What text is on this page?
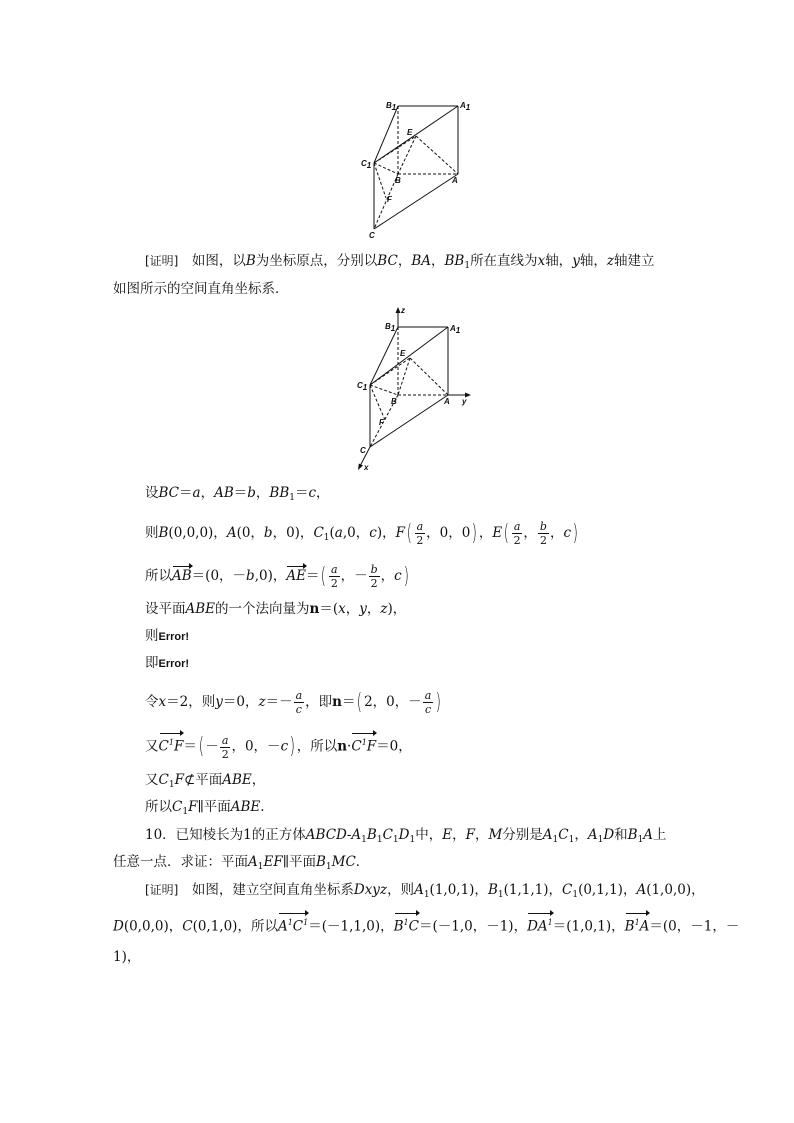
B1	A1
E
C1
B	A
F
C
[证明]　如图，以B为坐标原点，分别以BC，BA，$BB_1$所在直线为x轴，y轴，z轴建立
如图所示的空间直角坐标系．
z
y
x
B1	A1
E
C1
B	A
F
C
设BC＝a，AB＝b，$BB_1=c$，
则B(0,0,0)，A(0，b，0)，$C_1(a,0$，c)，$F( \frac{a}{2}$ ，0，0) ，$E( \frac{a}{2}$ ， $\frac{b}{2}$ ，c)
所以AB＝(0，－b,0)，$AE=( \frac{a}{2}$ ，－ $\frac{b}{2}$ ，c)
设平面ABE的一个法向量为n＝(x，y，z)，
则Error!
即Error!
令x＝2，则y＝0，$z=- \frac{a}{c}$ ，即n＝( 2，0，－ $\frac{a}{c}$ )
又$C^1F=( - \frac{a}{2}$ ，0，－c) ，所以$n\cdot C^1F=0$，
又$C_1F⊄$平面ABE，
所以$C_1F\parallel$平面ABE.
10．已知棱长为1的正方体ABCD-$A_1B_1C_1D_1$中，E，F，M分别是$A_1C_1$，$A_1D$和$B_1A$上
任意一点．求证：平面$A_1EF\parallel$平面$B_1MC$．
[证明]　如图，建立空间直角坐标系Dxyz，则$A_1(1,0,1)$，$B_1(1,1,1)$，$C_1(0,1,1)$，A(1,0,0)，
D(0,0,0)，C(0,1,0)，所以$A^1C^1=(-1,1,0)$，$B^1C=(-1,0$，－1)，$DA^1=(1,0,1)$，$B^1A=(0$，－1，－
1)，
